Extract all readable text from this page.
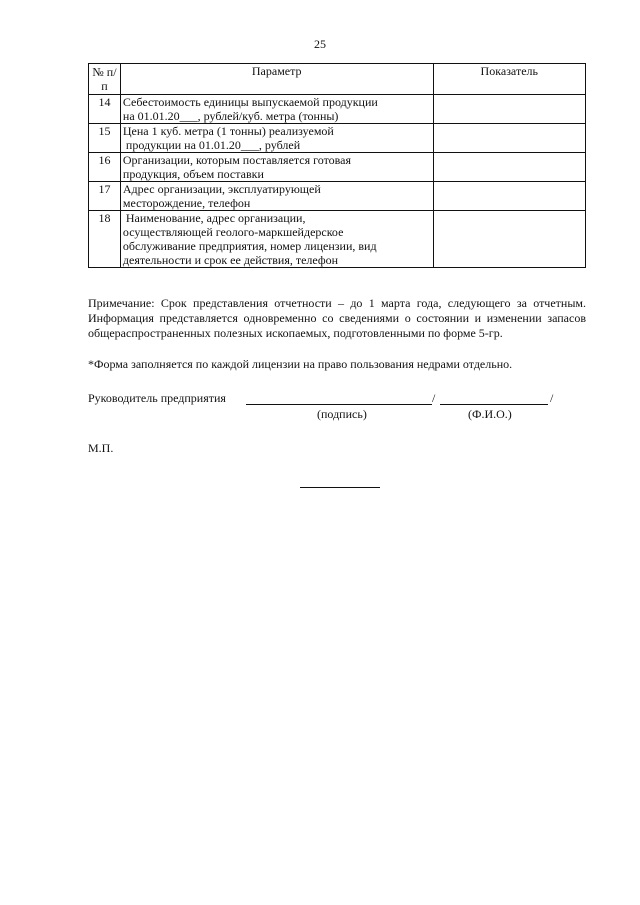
25
№ п/п	Параметр	Показатель
14	Себестоимость единицы выпускаемой продукции
на 01.01.20___, рублей/куб. метра (тонны)	

15	Цена 1 куб. метра (1 тонны) реализуемой
продукции на 01.01.20___, рублей	

16	Организации, которым поставляется готовая
продукция, объем поставки	

17	Адрес организации, эксплуатирующей
месторождение, телефон	

18	Наименование, адрес организации,
осуществляющей геолого-маркшейдерское
обслуживание предприятия, номер лицензии, вид
деятельности и срок ее действия, телефон	

Примечание: Срок представления отчетности – до 1 марта года, следующего за отчетным. Информация представляется одновременно со сведениями о состоянии и изменении запасов общераспространенных полезных ископаемых, подготовленными по форме 5-гр.
*Форма заполняется по каждой лицензии на право пользования недрами отдельно.
Руководитель предприятия	/	/
(подпись)	(Ф.И.О.)
М.П.
